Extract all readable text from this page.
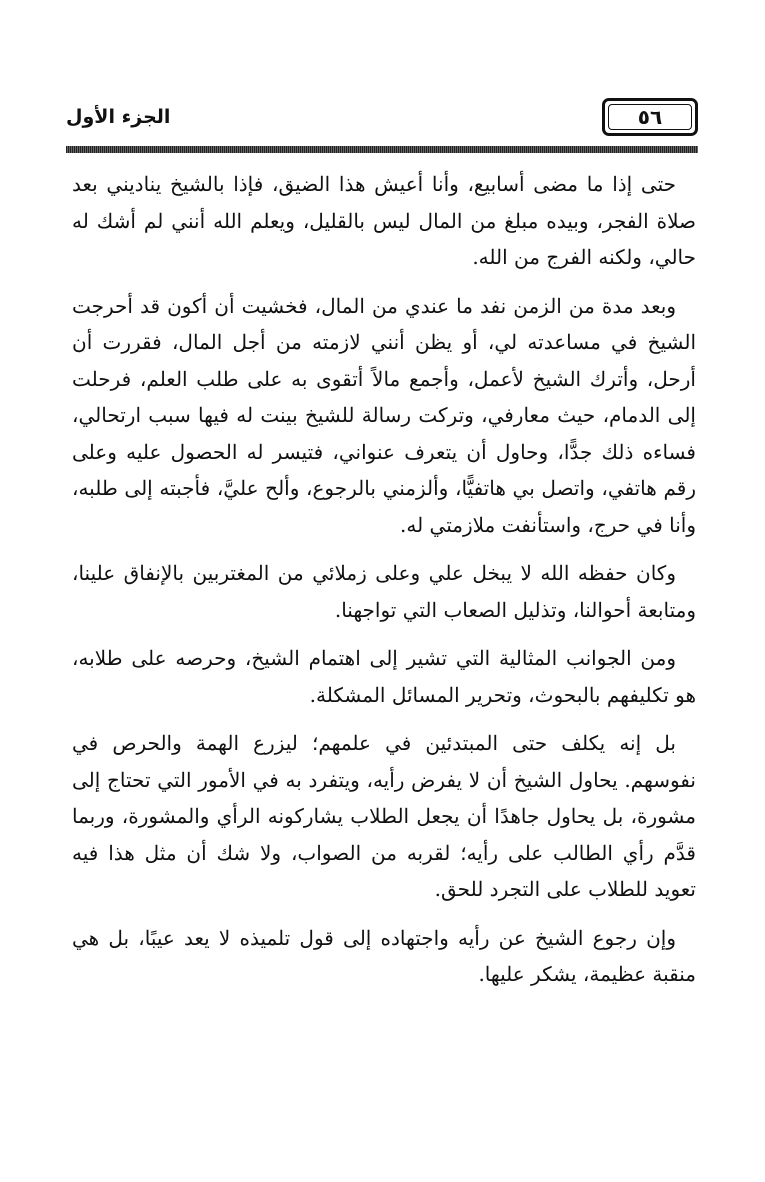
٥٦
الجزء الأول

حتى إذا ما مضى أسابيع، وأنا أعيش هذا الضيق، فإذا بالشيخ يناديني بعد صلاة الفجر، وبيده مبلغ من المال ليس بالقليل، ويعلم الله أنني لم أشك له حالي، ولكنه الفرج من الله.

وبعد مدة من الزمن نفد ما عندي من المال، فخشيت أن أكون قد أحرجت الشيخ في مساعدته لي، أو يظن أنني لازمته من أجل المال، فقررت أن أرحل، وأترك الشيخ لأعمل، وأجمع مالاً أتقوى به على طلب العلم، فرحلت إلى الدمام، حيث معارفي، وتركت رسالة للشيخ بينت له فيها سبب ارتحالي، فساءه ذلك جدًّا، وحاول أن يتعرف عنواني، فتيسر له الحصول عليه وعلى رقم هاتفي، واتصل بي هاتفيًّا، وألزمني بالرجوع، وألح عليَّ، فأجبته إلى طلبه، وأنا في حرج، واستأنفت ملازمتي له.

وكان حفظه الله لا يبخل علي وعلى زملائي من المغتربين بالإنفاق علينا، ومتابعة أحوالنا، وتذليل الصعاب التي تواجهنا.

ومن الجوانب المثالية التي تشير إلى اهتمام الشيخ، وحرصه على طلابه، هو تكليفهم بالبحوث، وتحرير المسائل المشكلة.

بل إنه يكلف حتى المبتدئين في علمهم؛ ليزرع الهمة والحرص في نفوسهم. يحاول الشيخ أن لا يفرض رأيه، ويتفرد به في الأمور التي تحتاج إلى مشورة، بل يحاول جاهدًا أن يجعل الطلاب يشاركونه الرأي والمشورة، وربما قدَّم رأي الطالب على رأيه؛ لقربه من الصواب، ولا شك أن مثل هذا فيه تعويد للطلاب على التجرد للحق.

وإن رجوع الشيخ عن رأيه واجتهاده إلى قول تلميذه لا يعد عيبًا، بل هي منقبة عظيمة، يشكر عليها.
